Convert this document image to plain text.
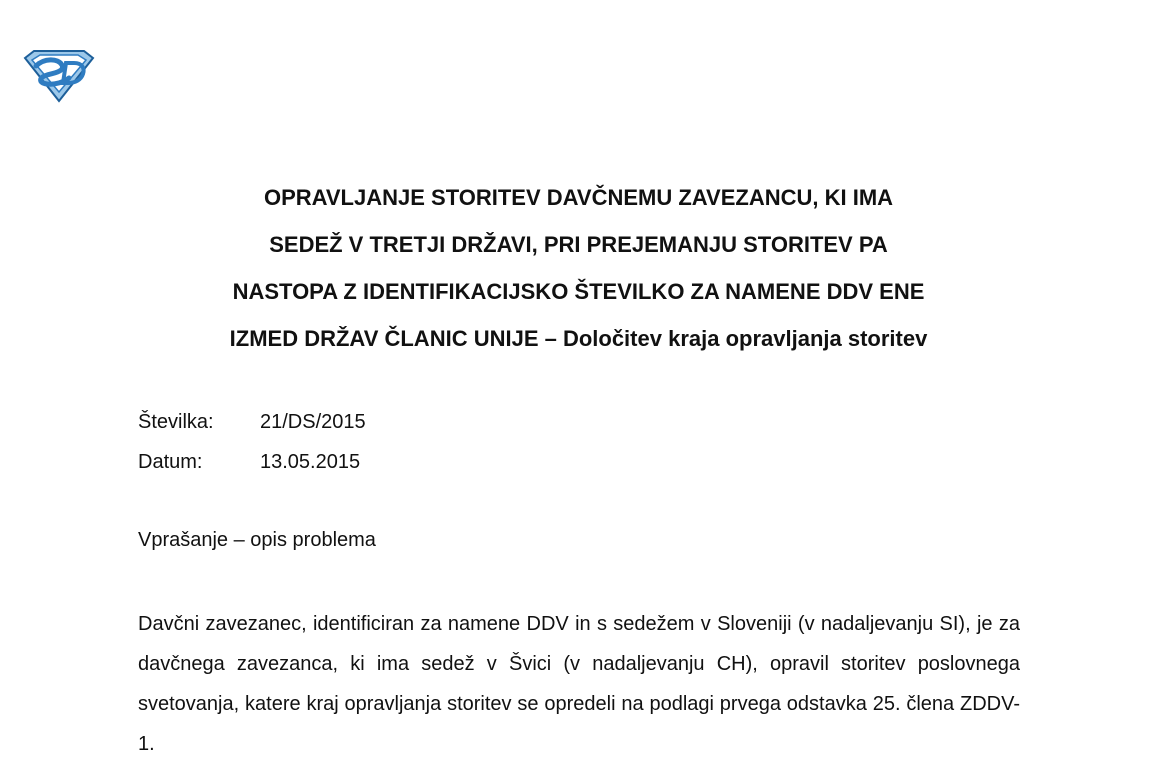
OPRAVLJANJE STORITEV DAVČNEMU ZAVEZANCU, KI IMA
SEDEŽ V TRETJI DRŽAVI, PRI PREJEMANJU STORITEV PA
NASTOPA Z IDENTIFIKACIJSKO ŠTEVILKO ZA NAMENE DDV ENE
IZMED DRŽAV ČLANIC UNIJE – Določitev kraja opravljanja storitev
Številka:	21/DS/2015
Datum:	13.05.2015
Vprašanje – opis problema

Davčni zavezanec, identificiran za namene DDV in s sedežem v Sloveniji (v nadaljevanju SI), je za davčnega zavezanca, ki ima sedež v Švici (v nadaljevanju CH), opravil storitev poslovnega svetovanja, katere kraj opravljanja storitev se opredeli na podlagi prvega odstavka 25. člena ZDDV-1.
